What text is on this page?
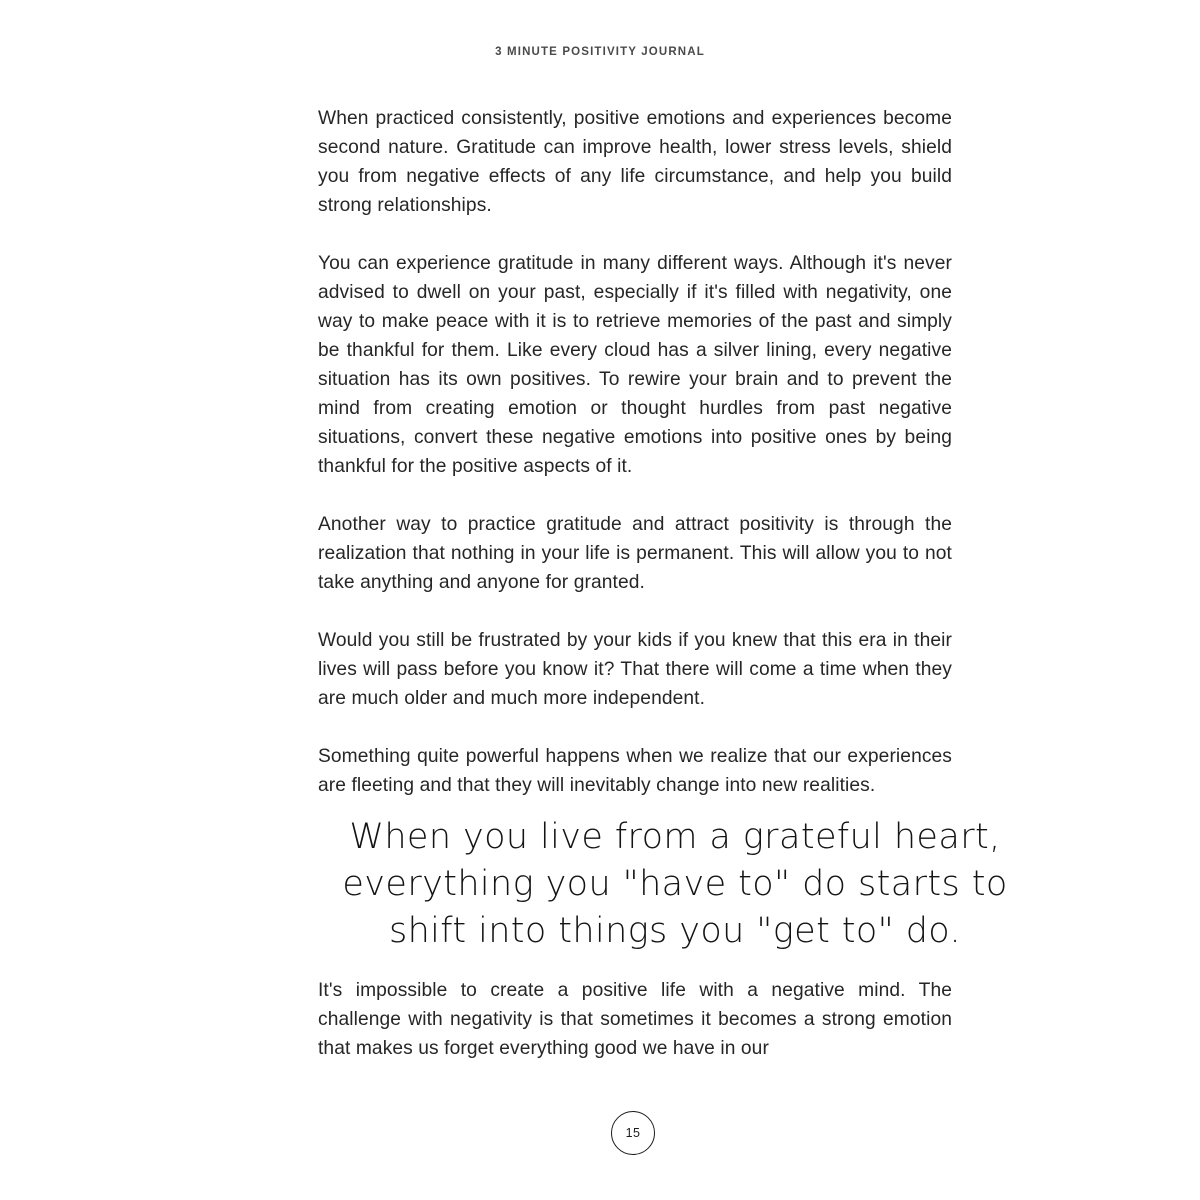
3 MINUTE POSITIVITY JOURNAL

When practiced consistently, positive emotions and experiences become second nature. Gratitude can improve health, lower stress levels, shield you from negative effects of any life circumstance, and help you build strong relationships.

You can experience gratitude in many different ways. Although it's never advised to dwell on your past, especially if it's filled with negativity, one way to make peace with it is to retrieve memories of the past and simply be thankful for them. Like every cloud has a silver lining, every negative situation has its own positives. To rewire your brain and to prevent the mind from creating emotion or thought hurdles from past negative situations, convert these negative emotions into positive ones by being thankful for the positive aspects of it.

Another way to practice gratitude and attract positivity is through the realization that nothing in your life is permanent. This will allow you to not take anything and anyone for granted.

Would you still be frustrated by your kids if you knew that this era in their lives will pass before you know it? That there will come a time when they are much older and much more independent.

Something quite powerful happens when we realize that our experiences are fleeting and that they will inevitably change into new realities.

When you live from a grateful heart,
everything you "have to" do starts to
shift into things you "get to" do.

It's impossible to create a positive life with a negative mind. The challenge with negativity is that sometimes it becomes a strong emotion that makes us forget everything good we have in our

15
